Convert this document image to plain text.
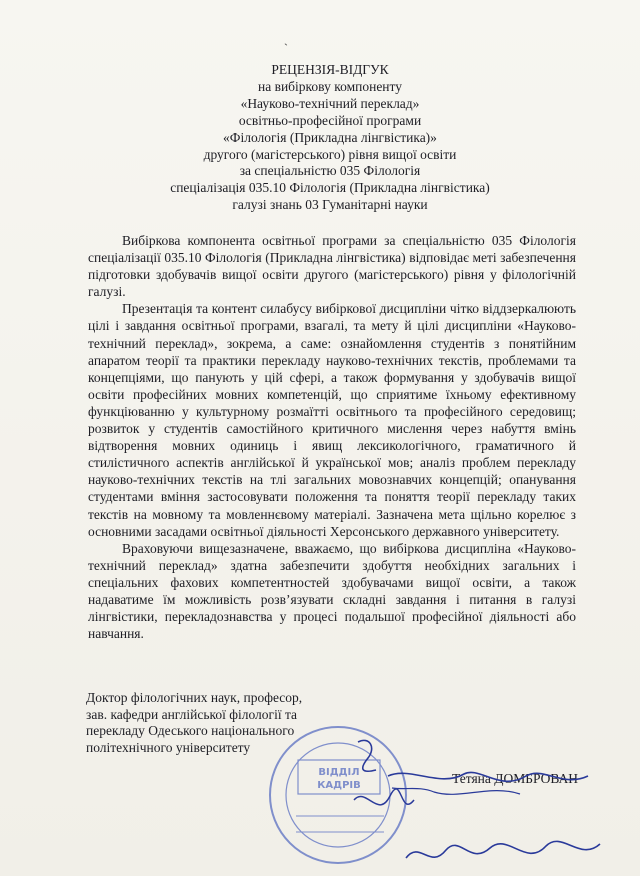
ˏ
РЕЦЕНЗІЯ-ВІДГУК
на вибіркову компоненту
«Науково-технічний переклад»
освітньо-професійної програми
«Філологія (Прикладна лінгвістика)»
другого (магістерського) рівня вищої освіти
за спеціальністю 035 Філологія
спеціалізація 035.10 Філологія (Прикладна лінгвістика)
галузі знань 03 Гуманітарні науки

Вибіркова компонента освітньої програми за спеціальністю 035 Філологія спеціалізації 035.10 Філологія (Прикладна лінгвістика) відповідає меті забезпечення підготовки здобувачів вищої освіти другого (магістерського) рівня у філологічній галузі.

Презентація та контент силабусу вибіркової дисципліни чітко віддзеркалюють цілі і завдання освітньої програми, взагалі, та мету й цілі дисципліни «Науково-технічний переклад», зокрема, а саме: ознайомлення студентів з понятійним апаратом теорії та практики перекладу науково-технічних текстів, проблемами та концепціями, що панують у цій сфері, а також формування у здобувачів вищої освіти професійних мовних компетенцій, що сприятиме їхньому ефективному функціюванню у культурному розмаїтті освітнього та професійного середовищ; розвиток у студентів самостійного критичного мислення через набуття вмінь відтворення мовних одиниць і явищ лексикологічного, граматичного й стилістичного аспектів англійської й української мов; аналіз проблем перекладу науково-технічних текстів на тлі загальних мовознавчих концепцій; опанування студентами вміння застосовувати положення та поняття теорії перекладу таких текстів на мовному та мовленнєвому матеріалі. Зазначена мета щільно корелює з основними засадами освітньої діяльності Херсонського державного університету.

Враховуючи вищезазначене, вважаємо, що вибіркова дисципліна «Науково-технічний переклад» здатна забезпечити здобуття необхідних загальних і спеціальних фахових компетентностей здобувачами вищої освіти, а також надаватиме їм можливість розв’язувати складні завдання і питання в галузі лінгвістики, перекладознавства у процесі подальшої професійної діяльності або навчання.

Доктор філологічних наук, професор,
зав. кафедри англійської філології та
перекладу Одеського національного
політехнічного університету
Тетяна ДОМБРОВАН
ВІДДІЛ
КАДРІВ
